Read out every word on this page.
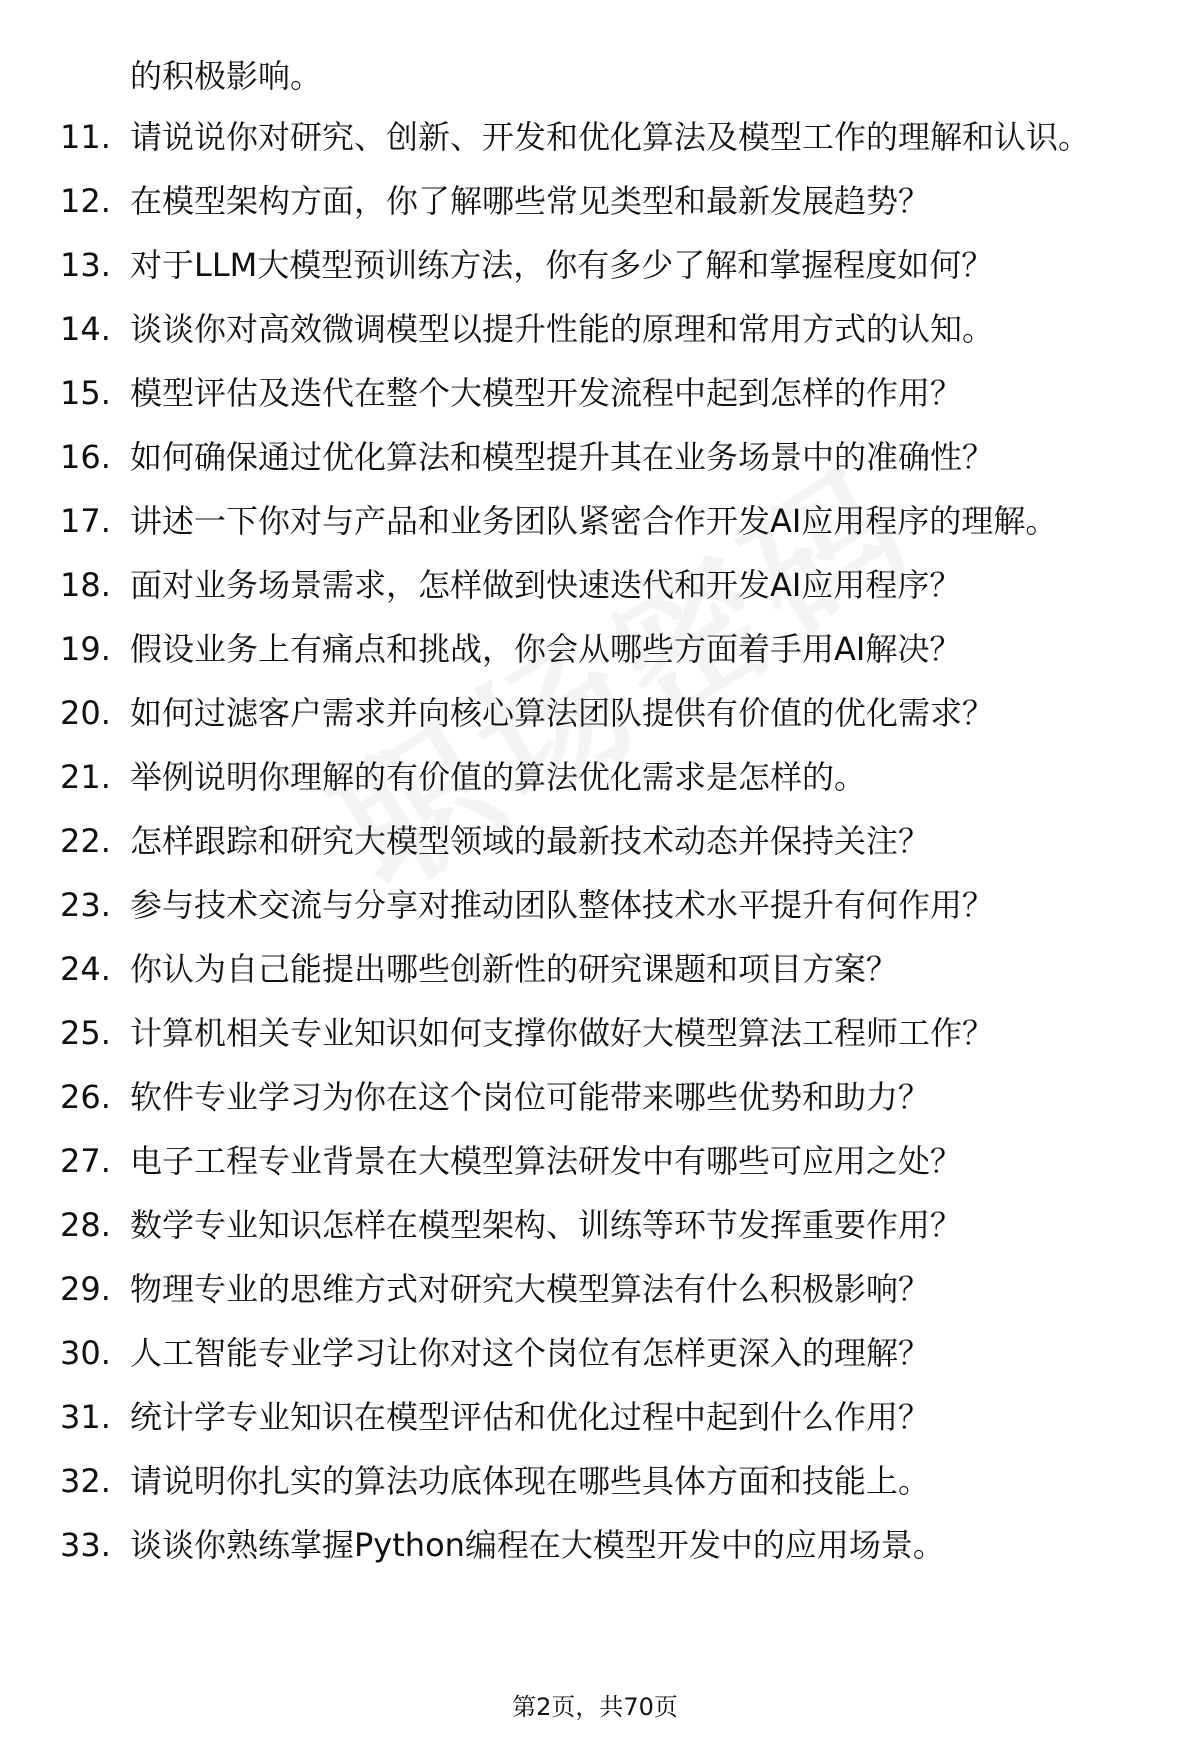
的积极影响。
11. 请说说你对研究、创新、开发和优化算法及模型工作的理解和认识。
12. 在模型架构方面，你了解哪些常见类型和最新发展趋势？
13. 对于LLM大模型预训练方法，你有多少了解和掌握程度如何？
14. 谈谈你对高效微调模型以提升性能的原理和常用方式的认知。
15. 模型评估及迭代在整个大模型开发流程中起到怎样的作用？
16. 如何确保通过优化算法和模型提升其在业务场景中的准确性？
17. 讲述一下你对与产品和业务团队紧密合作开发AI应用程序的理解。
18. 面对业务场景需求，怎样做到快速迭代和开发AI应用程序？
19. 假设业务上有痛点和挑战，你会从哪些方面着手用AI解决？
20. 如何过滤客户需求并向核心算法团队提供有价值的优化需求？
21. 举例说明你理解的有价值的算法优化需求是怎样的。
22. 怎样跟踪和研究大模型领域的最新技术动态并保持关注？
23. 参与技术交流与分享对推动团队整体技术水平提升有何作用？
24. 你认为自己能提出哪些创新性的研究课题和项目方案？
25. 计算机相关专业知识如何支撑你做好大模型算法工程师工作？
26. 软件专业学习为你在这个岗位可能带来哪些优势和助力？
27. 电子工程专业背景在大模型算法研发中有哪些可应用之处？
28. 数学专业知识怎样在模型架构、训练等环节发挥重要作用？
29. 物理专业的思维方式对研究大模型算法有什么积极影响？
30. 人工智能专业学习让你对这个岗位有怎样更深入的理解？
31. 统计学专业知识在模型评估和优化过程中起到什么作用？
32. 请说明你扎实的算法功底体现在哪些具体方面和技能上。
33. 谈谈你熟练掌握Python编程在大模型开发中的应用场景。
第2页，共70页
